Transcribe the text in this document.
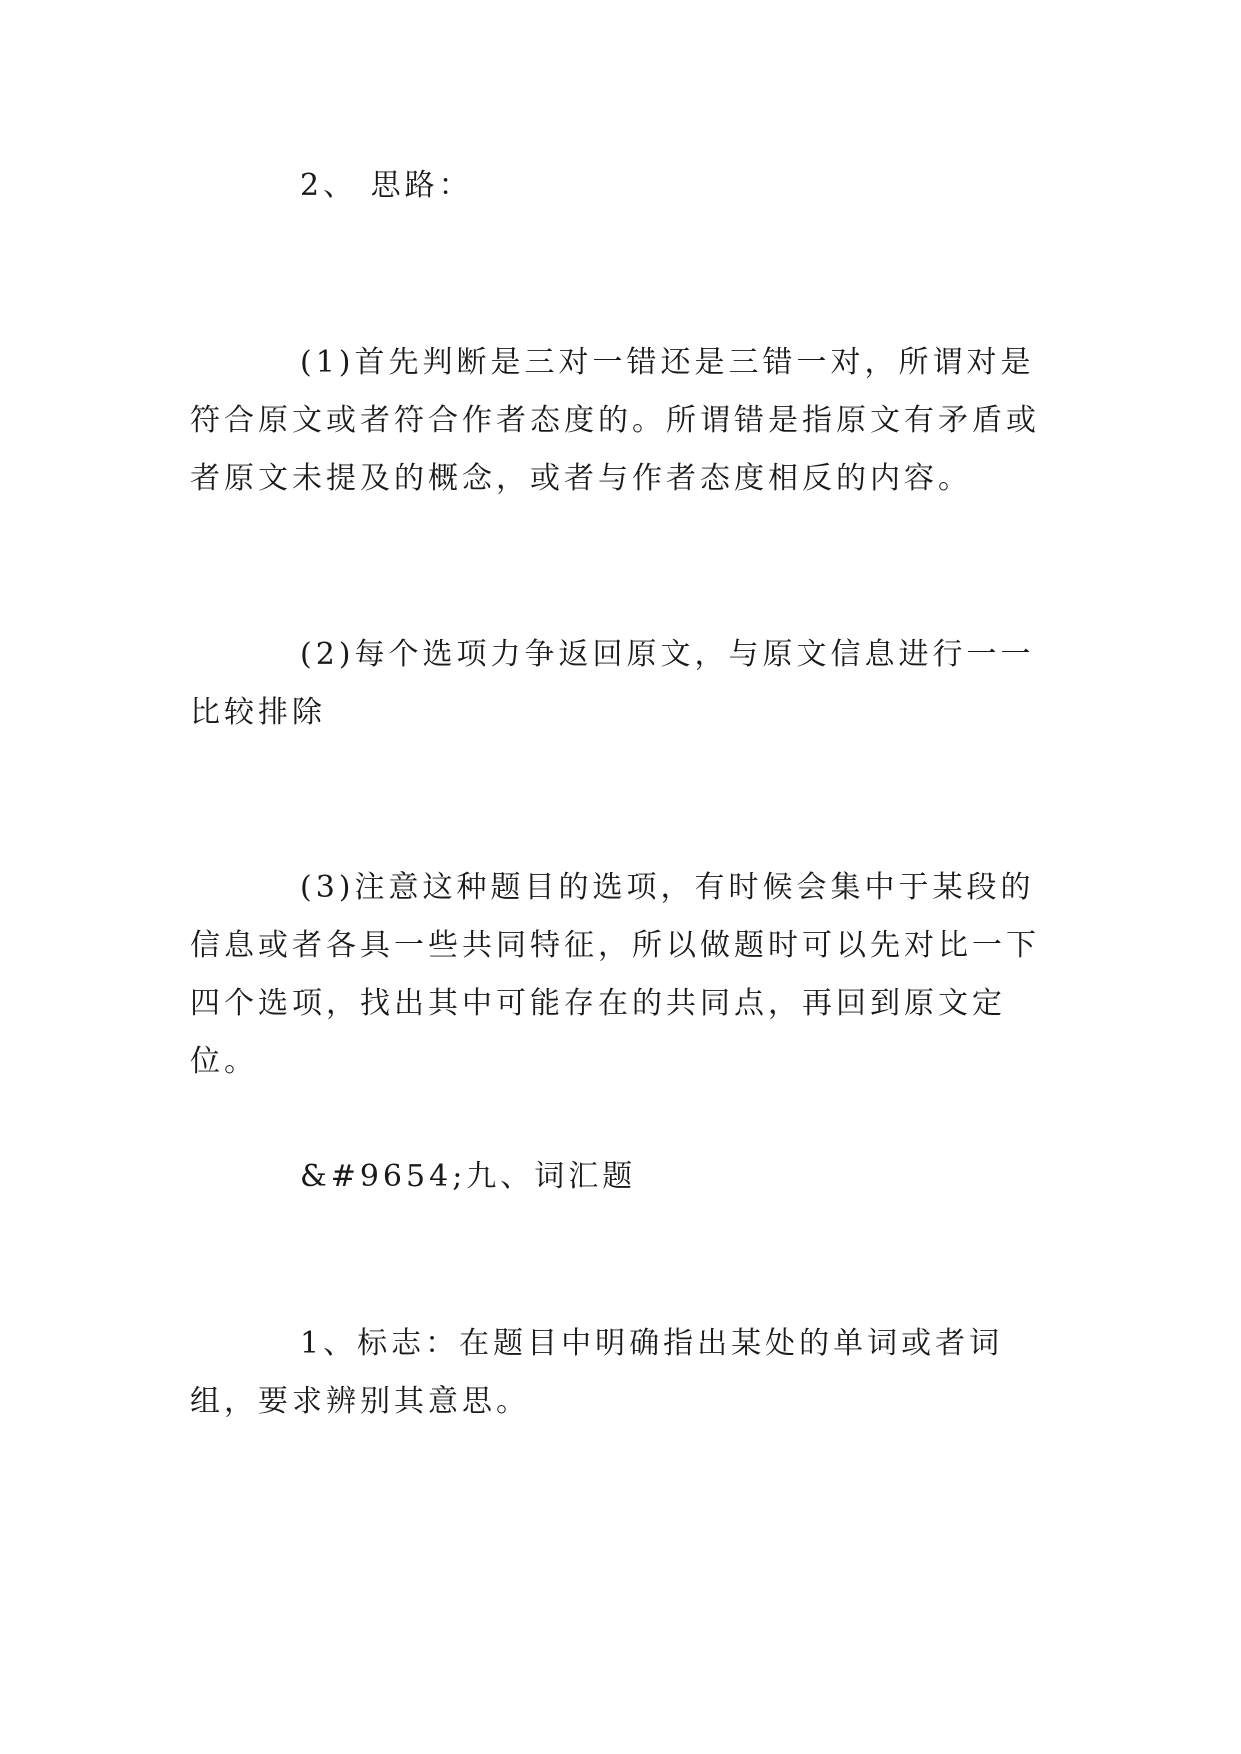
2、 思路：

(1)首先判断是三对一错还是三错一对，所谓对是符合原文或者符合作者态度的。所谓错是指原文有矛盾或者原文未提及的概念，或者与作者态度相反的内容。

(2)每个选项力争返回原文，与原文信息进行一一比较排除

(3)注意这种题目的选项，有时候会集中于某段的信息或者各具一些共同特征，所以做题时可以先对比一下四个选项，找出其中可能存在的共同点，再回到原文定位。

&#9654;九、词汇题

1、标志：在题目中明确指出某处的单词或者词组，要求辨别其意思。
